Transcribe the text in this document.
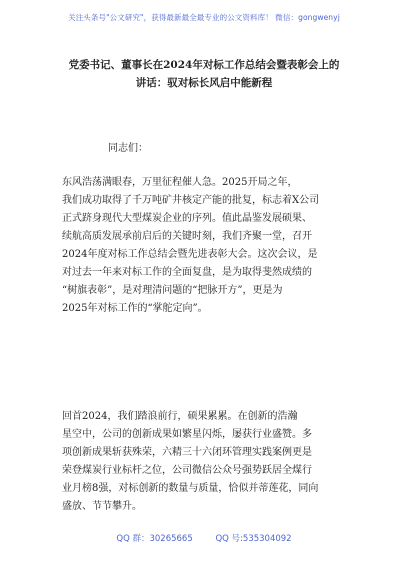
关注头条号"公文研究"，获得最新最全最专业的公文资料库！ 微信：gongwenyj
党委书记、董事长在2024年对标工作总结会暨表彰会上的
讲话：驭对标长风启中能新程
同志们：
东风浩荡满眼春，万里征程催人急。2025开局之年，
我们成功取得了千万吨矿井核定产能的批复，标志着X公司
正式跻身现代大型煤炭企业的序列。值此晶鉴发展硕果、
续航高质发展承前启后的关键时刻，我们齐聚一堂，召开
2024年度对标工作总结会暨先进表彰大会。这次会议，是
对过去一年来对标工作的全面复盘，是为取得斐然成绩的
“树旗表彰”，是对理清问题的“把脉开方”，更是为
2025年对标工作的“掌舵定向”。
回首2024，我们踏浪前行，硕果累累。在创新的浩瀚
星空中，公司的创新成果如繁星闪烁，屡获行业盛赞。多
项创新成果斩获殊荣，六精三十六闭环管理实践案例更是
荣登煤炭行业标杆之位，公司微信公众号强势跃居全煤行
业月榜8强，对标创新的数量与质量，恰似并蒂莲花，同向
盛放、节节攀升。
QQ 群：30265665	QQ 号:535304092
